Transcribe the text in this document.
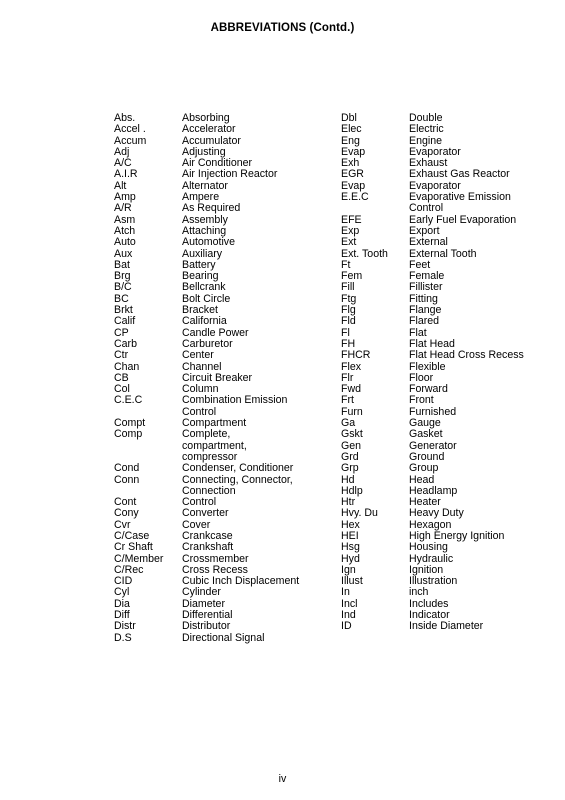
ABBREVIATIONS (Contd.)
Abs.	Absorbing
Accel .	Accelerator
Accum	Accumulator
Adj	Adjusting
A/C	Air Conditioner
A.I.R	Air Injection Reactor
Alt	Alternator
Amp	Ampere
A/R	As Required
Asm	Assembly
Atch	Attaching
Auto	Automotive
Aux	Auxiliary
Bat	Battery
Brg	Bearing
B/C	Bellcrank
BC	Bolt Circle
Brkt	Bracket
Calif	California
CP	Candle Power
Carb	Carburetor
Ctr	Center
Chan	Channel
CB	Circuit Breaker
Col	Column
C.E.C	Combination Emission
Control
Compt	Compartment
Comp	Complete,
compartment,
compressor
Cond	Condenser, Conditioner
Conn	Connecting, Connector,
Connection
Cont	Control
Cony	Converter
Cvr	Cover
C/Case	Crankcase
Cr Shaft	Crankshaft
C/Member	Crossmember
C/Rec	Cross Recess
CID	Cubic Inch Displacement
Cyl	Cylinder
Dia	Diameter
Diff	Differential
Distr	Distributor
D.S	Directional Signal
Dbl	Double
Elec	Electric
Eng	Engine
Evap	Evaporator
Exh	Exhaust
EGR	Exhaust Gas Reactor
Evap	Evaporator
E.E.C	Evaporative Emission
Control
EFE	Early Fuel Evaporation
Exp	Export
Ext	External
Ext. Tooth	External Tooth
Ft	Feet
Fem	Female
Fill	Fillister
Ftg	Fitting
Flg	Flange
Fld	Flared
Fl	Flat
FH	Flat Head
FHCR	Flat Head Cross Recess
Flex	Flexible
Flr	Floor
Fwd	Forward
Frt	Front
Furn	Furnished
Ga	Gauge
Gskt	Gasket
Gen	Generator
Grd	Ground
Grp	Group
Hd	Head
Hdlp	Headlamp
Htr	Heater
Hvy. Du	Heavy Duty
Hex	Hexagon
HEI	High Energy Ignition
Hsg	Housing
Hyd	Hydraulic
Ign	Ignition
Illust	Illustration
In	inch
Incl	Includes
Ind	Indicator
ID	Inside Diameter
iv
